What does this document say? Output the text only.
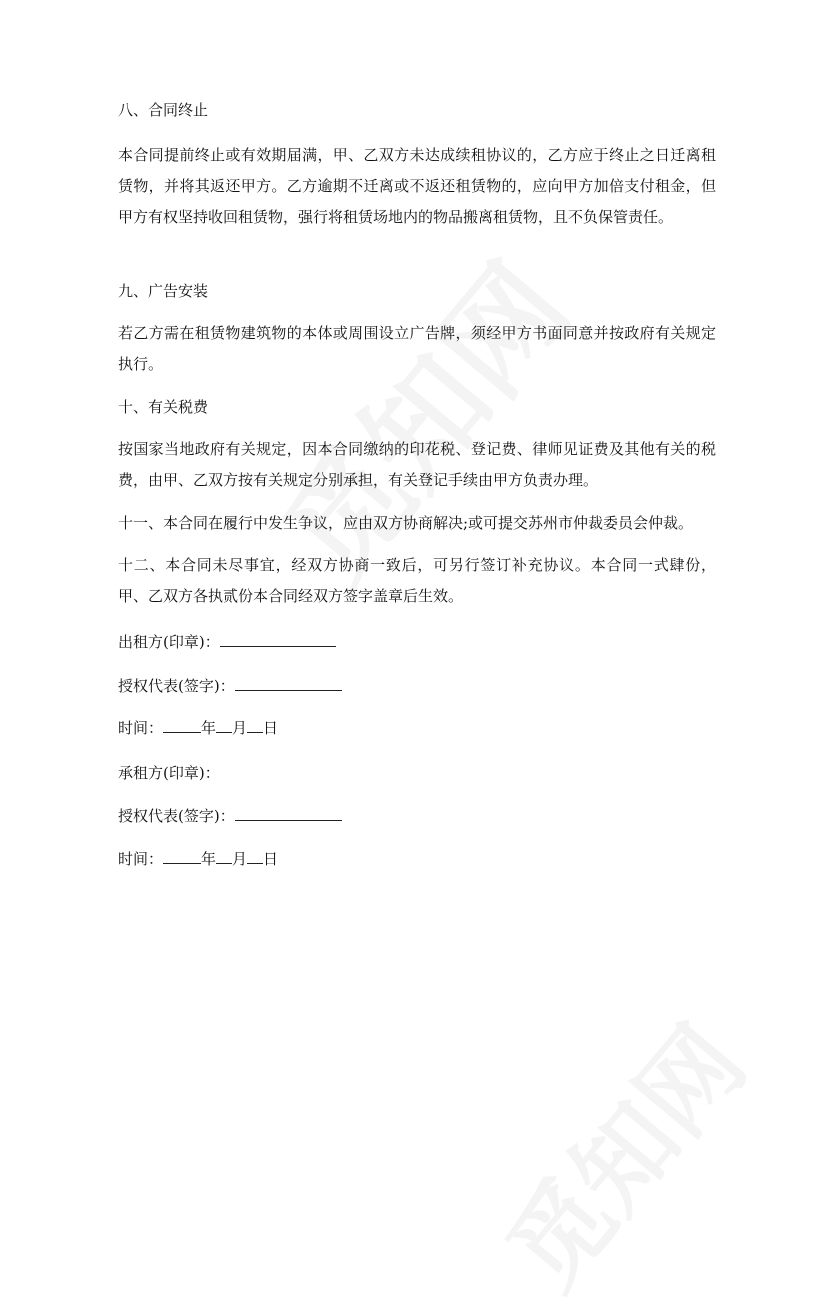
八、合同终止
本合同提前终止或有效期届满，甲、乙双方未达成续租协议的，乙方应于终止之日迁离租赁物，并将其返还甲方。乙方逾期不迁离或不返还租赁物的，应向甲方加倍支付租金，但甲方有权坚持收回租赁物，强行将租赁场地内的物品搬离租赁物，且不负保管责任。
九、广告安装
若乙方需在租赁物建筑物的本体或周围设立广告牌，须经甲方书面同意并按政府有关规定执行。
十、有关税费
按国家当地政府有关规定，因本合同缴纳的印花税、登记费、律师见证费及其他有关的税费，由甲、乙双方按有关规定分别承担，有关登记手续由甲方负责办理。
十一、本合同在履行中发生争议，应由双方协商解决;或可提交苏州市仲裁委员会仲裁。
十二、本合同未尽事宜，经双方协商一致后，可另行签订补充协议。本合同一式肆份，甲、乙双方各执贰份本合同经双方签字盖章后生效。
出租方(印章)：
授权代表(签字)：
时间：	年 月 日
承租方(印章)：
授权代表(签字)：
时间：	年 月 日
